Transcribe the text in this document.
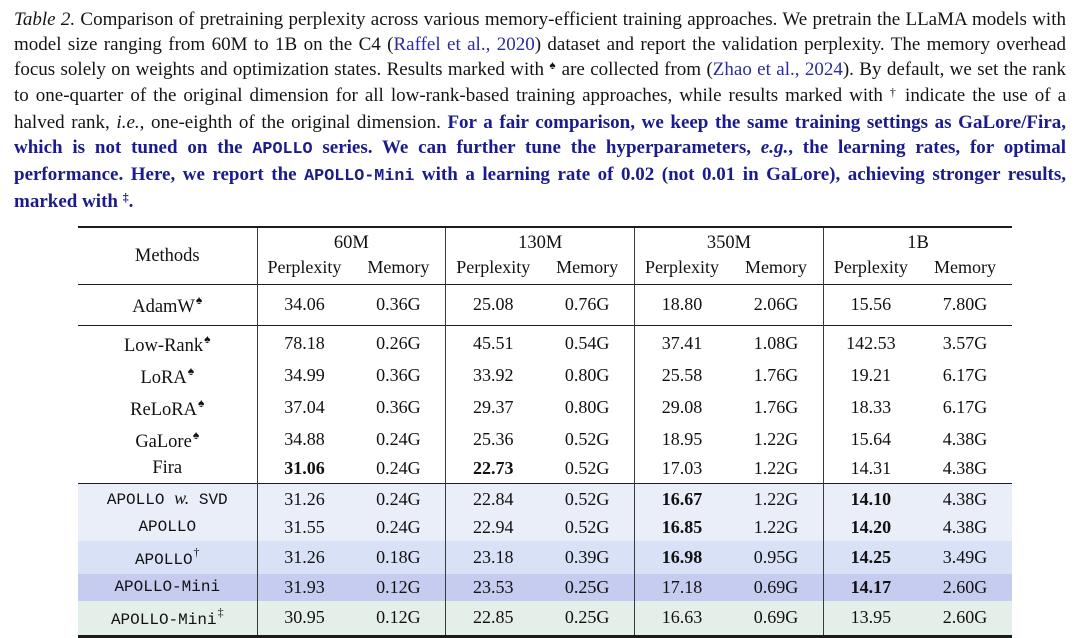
Table 2. Comparison of pretraining perplexity across various memory-efficient training approaches. We pretrain the LLaMA models with model size ranging from 60M to 1B on the C4 (Raffel et al., 2020) dataset and report the validation perplexity. The memory overhead focus solely on weights and optimization states. Results marked with ♠ are collected from (Zhao et al., 2024). By default, we set the rank to one-quarter of the original dimension for all low-rank-based training approaches, while results marked with † indicate the use of a halved rank, i.e., one-eighth of the original dimension. For a fair comparison, we keep the same training settings as GaLore/Fira, which is not tuned on the APOLLO series. We can further tune the hyperparameters, e.g., the learning rates, for optimal performance. Here, we report the APOLLO-Mini with a learning rate of 0.02 (not 0.01 in GaLore), achieving stronger results, marked with ‡.

Methods	60M		130M		350M		1B	
	Perplexity	Memory	Perplexity	Memory	Perplexity	Memory	Perplexity	Memory
AdamW♠	34.06	0.36G	25.08	0.76G	18.80	2.06G	15.56	7.80G
Low-Rank♠	78.18	0.26G	45.51	0.54G	37.41	1.08G	142.53	3.57G
LoRA♠	34.99	0.36G	33.92	0.80G	25.58	1.76G	19.21	6.17G
ReLoRA♠	37.04	0.36G	29.37	0.80G	29.08	1.76G	18.33	6.17G
GaLore♠	34.88	0.24G	25.36	0.52G	18.95	1.22G	15.64	4.38G
Fira	31.06	0.24G	22.73	0.52G	17.03	1.22G	14.31	4.38G
APOLLO w. SVD	31.26	0.24G	22.84	0.52G	16.67	1.22G	14.10	4.38G
APOLLO	31.55	0.24G	22.94	0.52G	16.85	1.22G	14.20	4.38G
APOLLO†	31.26	0.18G	23.18	0.39G	16.98	0.95G	14.25	3.49G
APOLLO-Mini	31.93	0.12G	23.53	0.25G	17.18	0.69G	14.17	2.60G
APOLLO-Mini‡	30.95	0.12G	22.85	0.25G	16.63	0.69G	13.95	2.60G
